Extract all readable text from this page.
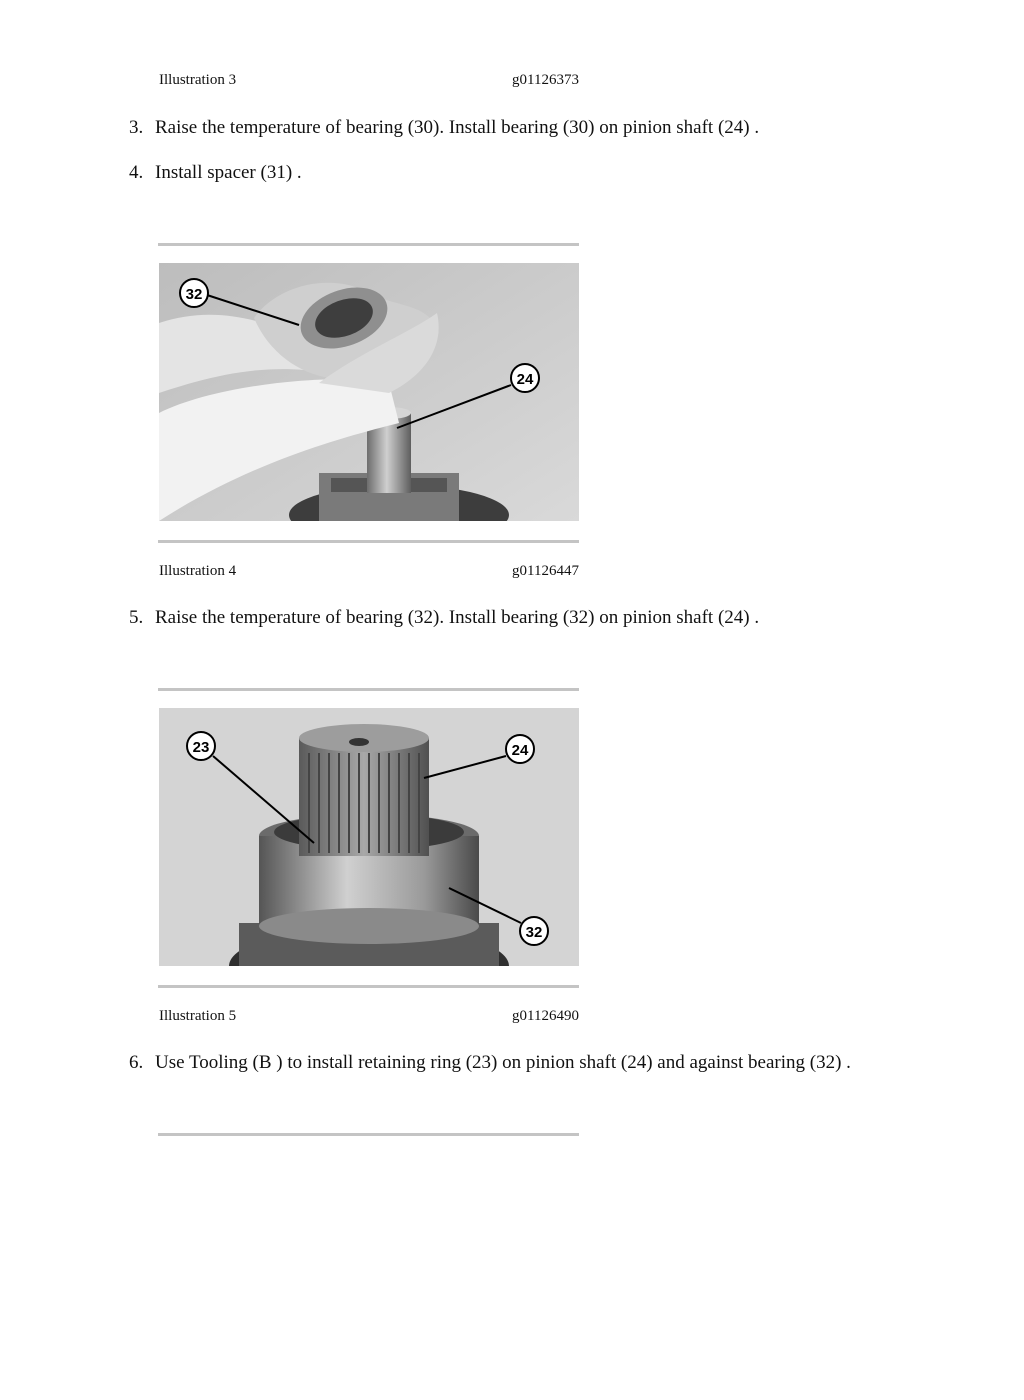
Illustration 3	g01126373
3. Raise the temperature of bearing (30). Install bearing (30) on pinion shaft (24) .
4. Install spacer (31) .
32
24
Illustration 4	g01126447
5. Raise the temperature of bearing (32). Install bearing (32) on pinion shaft (24) .
23	24
32
Illustration 5	g01126490
6. Use Tooling (B ) to install retaining ring (23) on pinion shaft (24) and against bearing (32) .
